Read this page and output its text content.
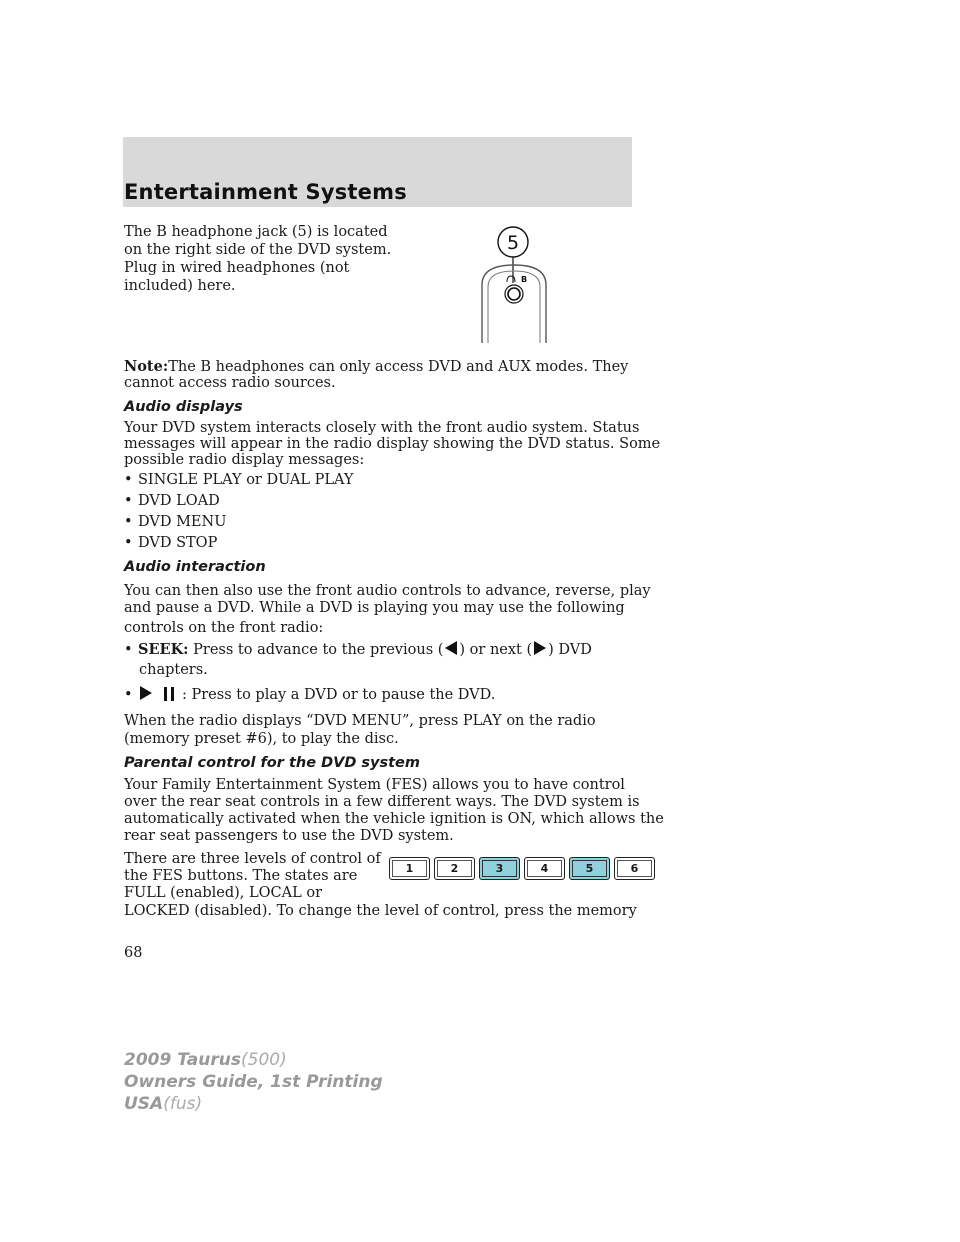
Entertainment Systems
The B headphone jack (5) is located
on the right side of the DVD system.
Plug in wired headphones (not
included) here.
5
B
Note:The B headphones can only access DVD and AUX modes. They
cannot access radio sources.
Audio displays
Your DVD system interacts closely with the front audio system. Status
messages will appear in the radio display showing the DVD status. Some
possible radio display messages:
• SINGLE PLAY or DUAL PLAY
• DVD LOAD
• DVD MENU
• DVD STOP
Audio interaction
You can then also use the front audio controls to advance, reverse, play
and pause a DVD. While a DVD is playing you may use the following
controls on the front radio:
• SEEK: Press to advance to the previous ( ) or next ( ) DVD
chapters.
•	: Press to play a DVD or to pause the DVD.
When the radio displays “DVD MENU”, press PLAY on the radio
(memory preset #6), to play the disc.
Parental control for the DVD system
Your Family Entertainment System (FES) allows you to have control
over the rear seat controls in a few different ways. The DVD system is
automatically activated when the vehicle ignition is ON, which allows the
rear seat passengers to use the DVD system.
There are three levels of control of
the FES buttons. The states are
FULL (enabled), LOCAL or
LOCKED (disabled). To change the level of control, press the memory
1	2	3	4	5	6
68
2009 Taurus(500)
Owners Guide, 1st Printing
USA(fus)
